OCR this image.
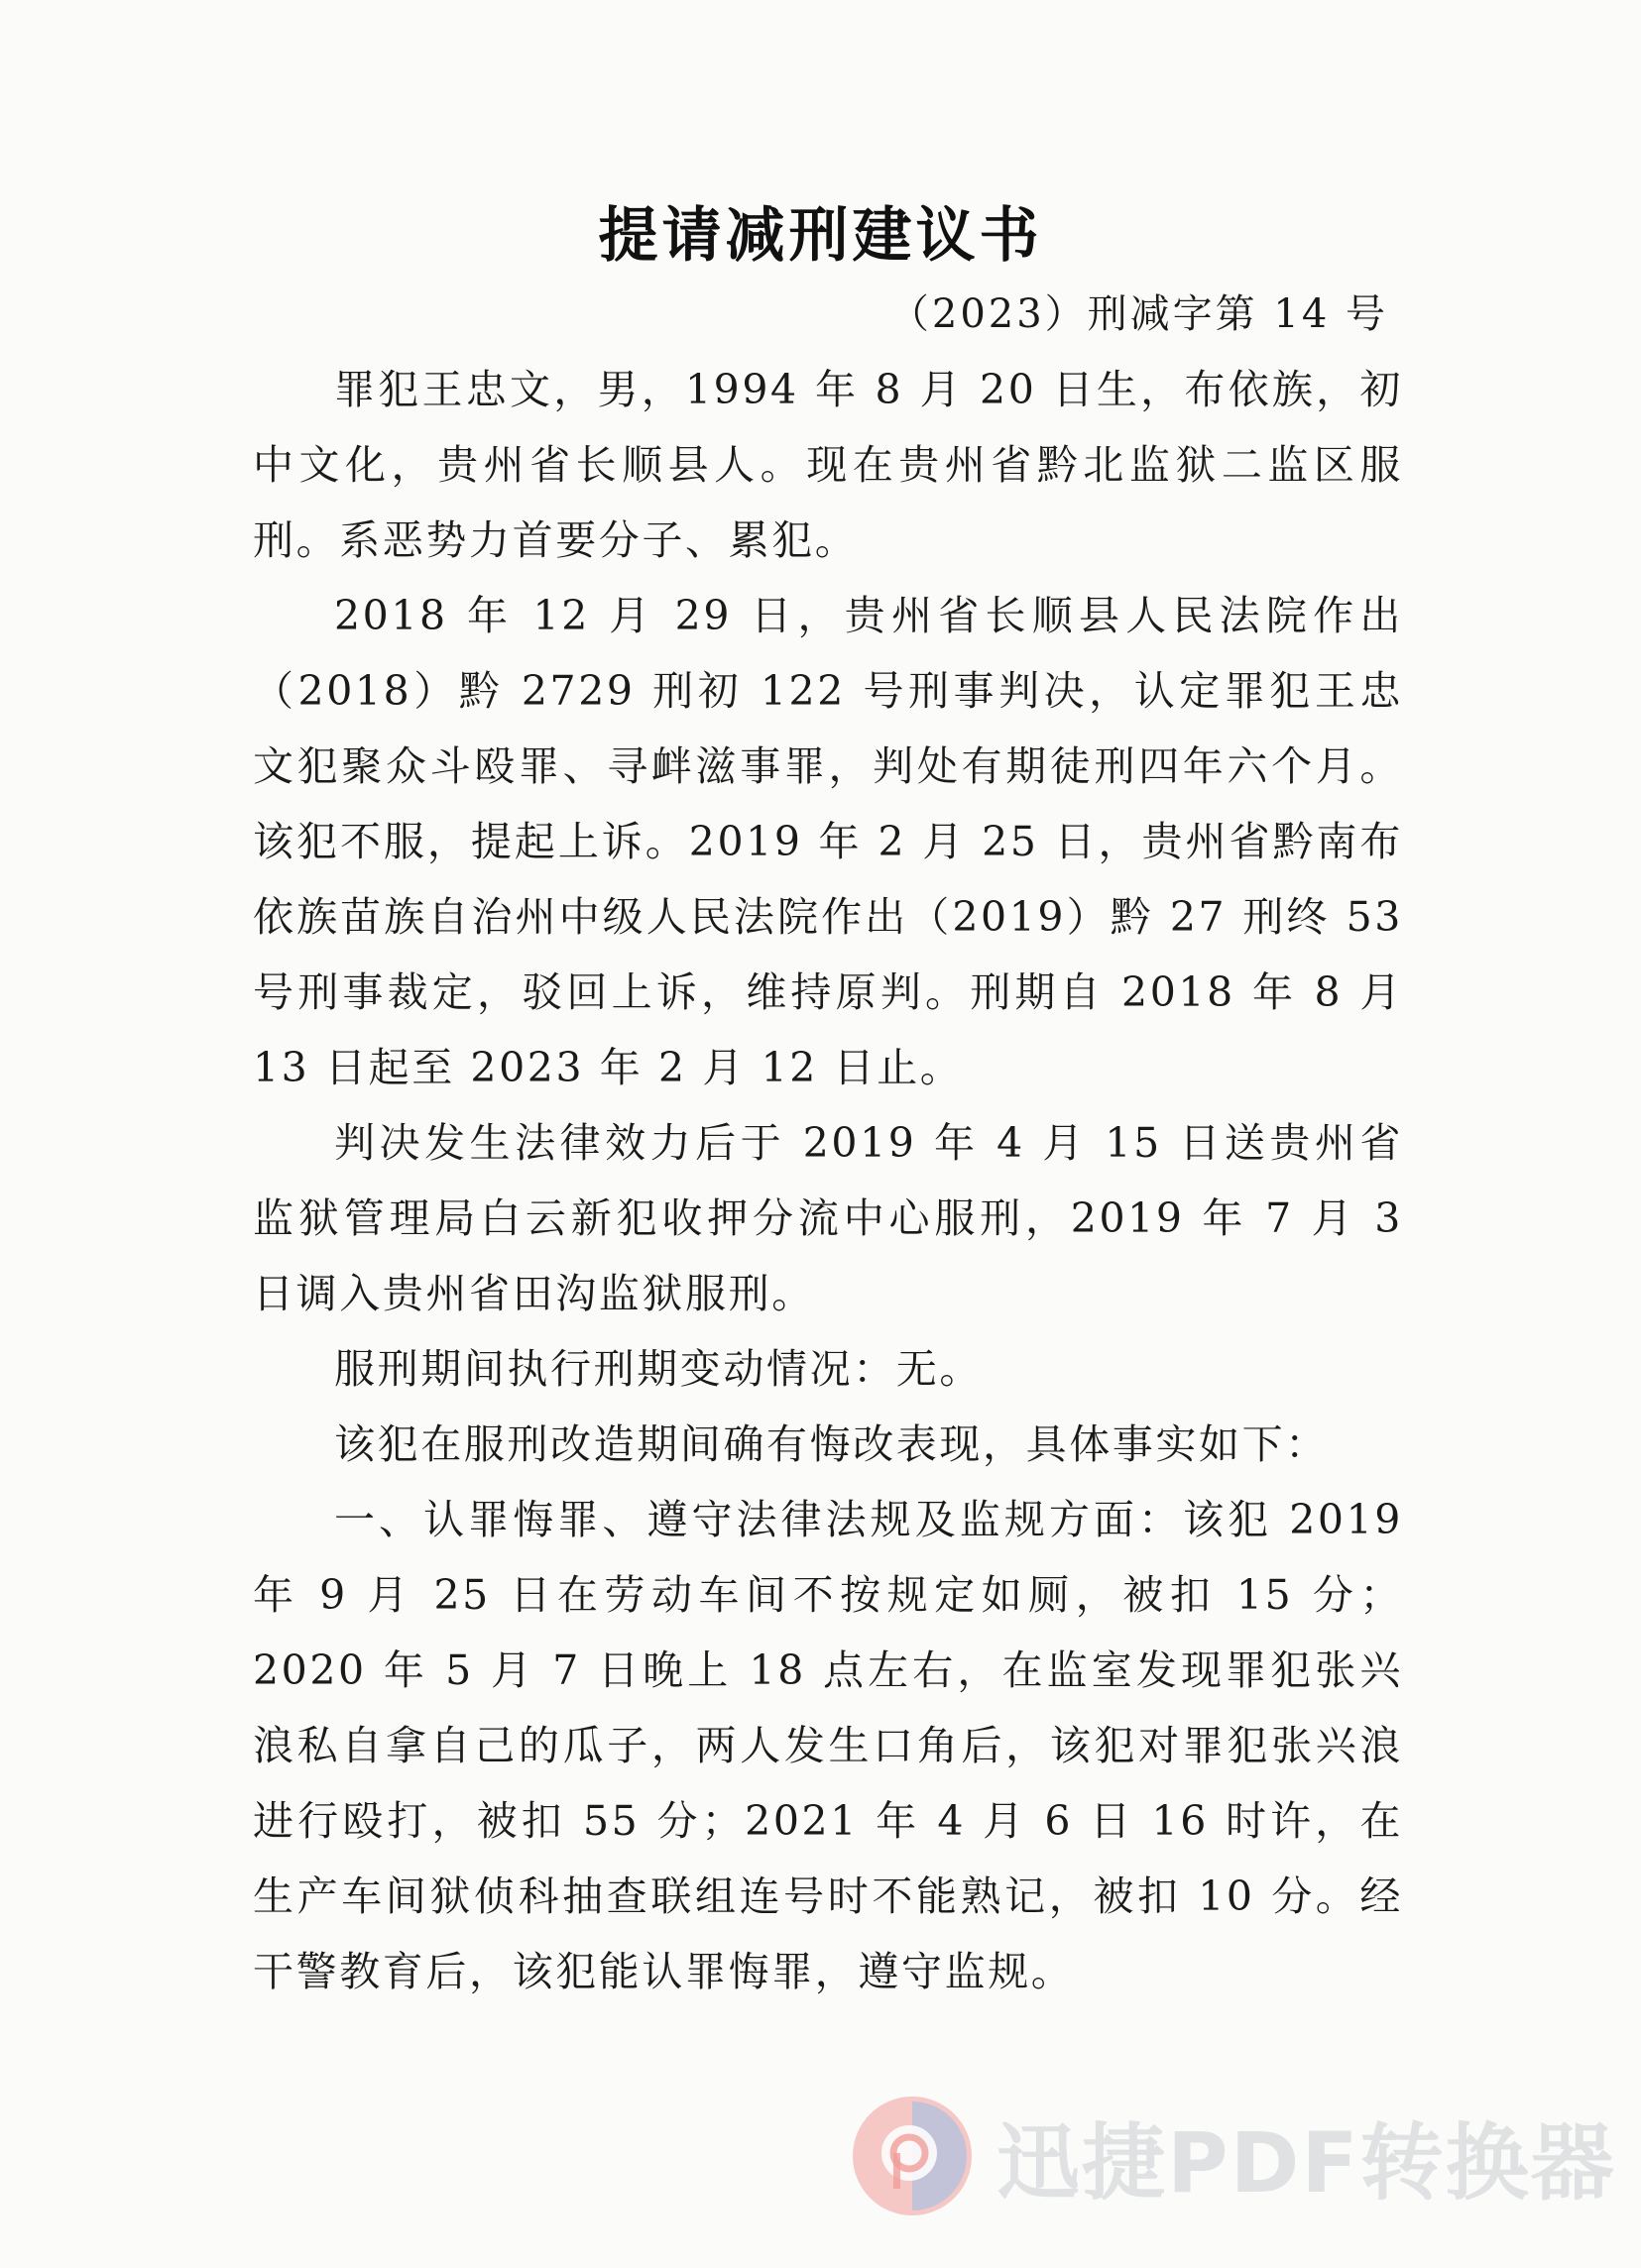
提请减刑建议书
（2023）刑减字第 14 号

罪犯王忠文，男，1994 年 8 月 20 日生，布依族，初中文化，贵州省长顺县人。现在贵州省黔北监狱二监区服刑。系恶势力首要分子、累犯。

2018 年 12 月 29 日，贵州省长顺县人民法院作出（2018）黔 2729 刑初 122 号刑事判决，认定罪犯王忠文犯聚众斗殴罪、寻衅滋事罪，判处有期徒刑四年六个月。该犯不服，提起上诉。2019 年 2 月 25 日，贵州省黔南布依族苗族自治州中级人民法院作出（2019）黔 27 刑终 53 号刑事裁定，驳回上诉，维持原判。刑期自 2018 年 8 月 13 日起至 2023 年 2 月 12 日止。

判决发生法律效力后于 2019 年 4 月 15 日送贵州省监狱管理局白云新犯收押分流中心服刑，2019 年 7 月 3 日调入贵州省田沟监狱服刑。

服刑期间执行刑期变动情况：无。

该犯在服刑改造期间确有悔改表现，具体事实如下：

一、认罪悔罪、遵守法律法规及监规方面：该犯 2019 年 9 月 25 日在劳动车间不按规定如厕，被扣 15 分；2020 年 5 月 7 日晚上 18 点左右，在监室发现罪犯张兴浪私自拿自己的瓜子，两人发生口角后，该犯对罪犯张兴浪进行殴打，被扣 55 分；2021 年 4 月 6 日 16 时许，在生产车间狱侦科抽查联组连号时不能熟记，被扣 10 分。经干警教育后，该犯能认罪悔罪，遵守监规。

迅捷PDF转换器
